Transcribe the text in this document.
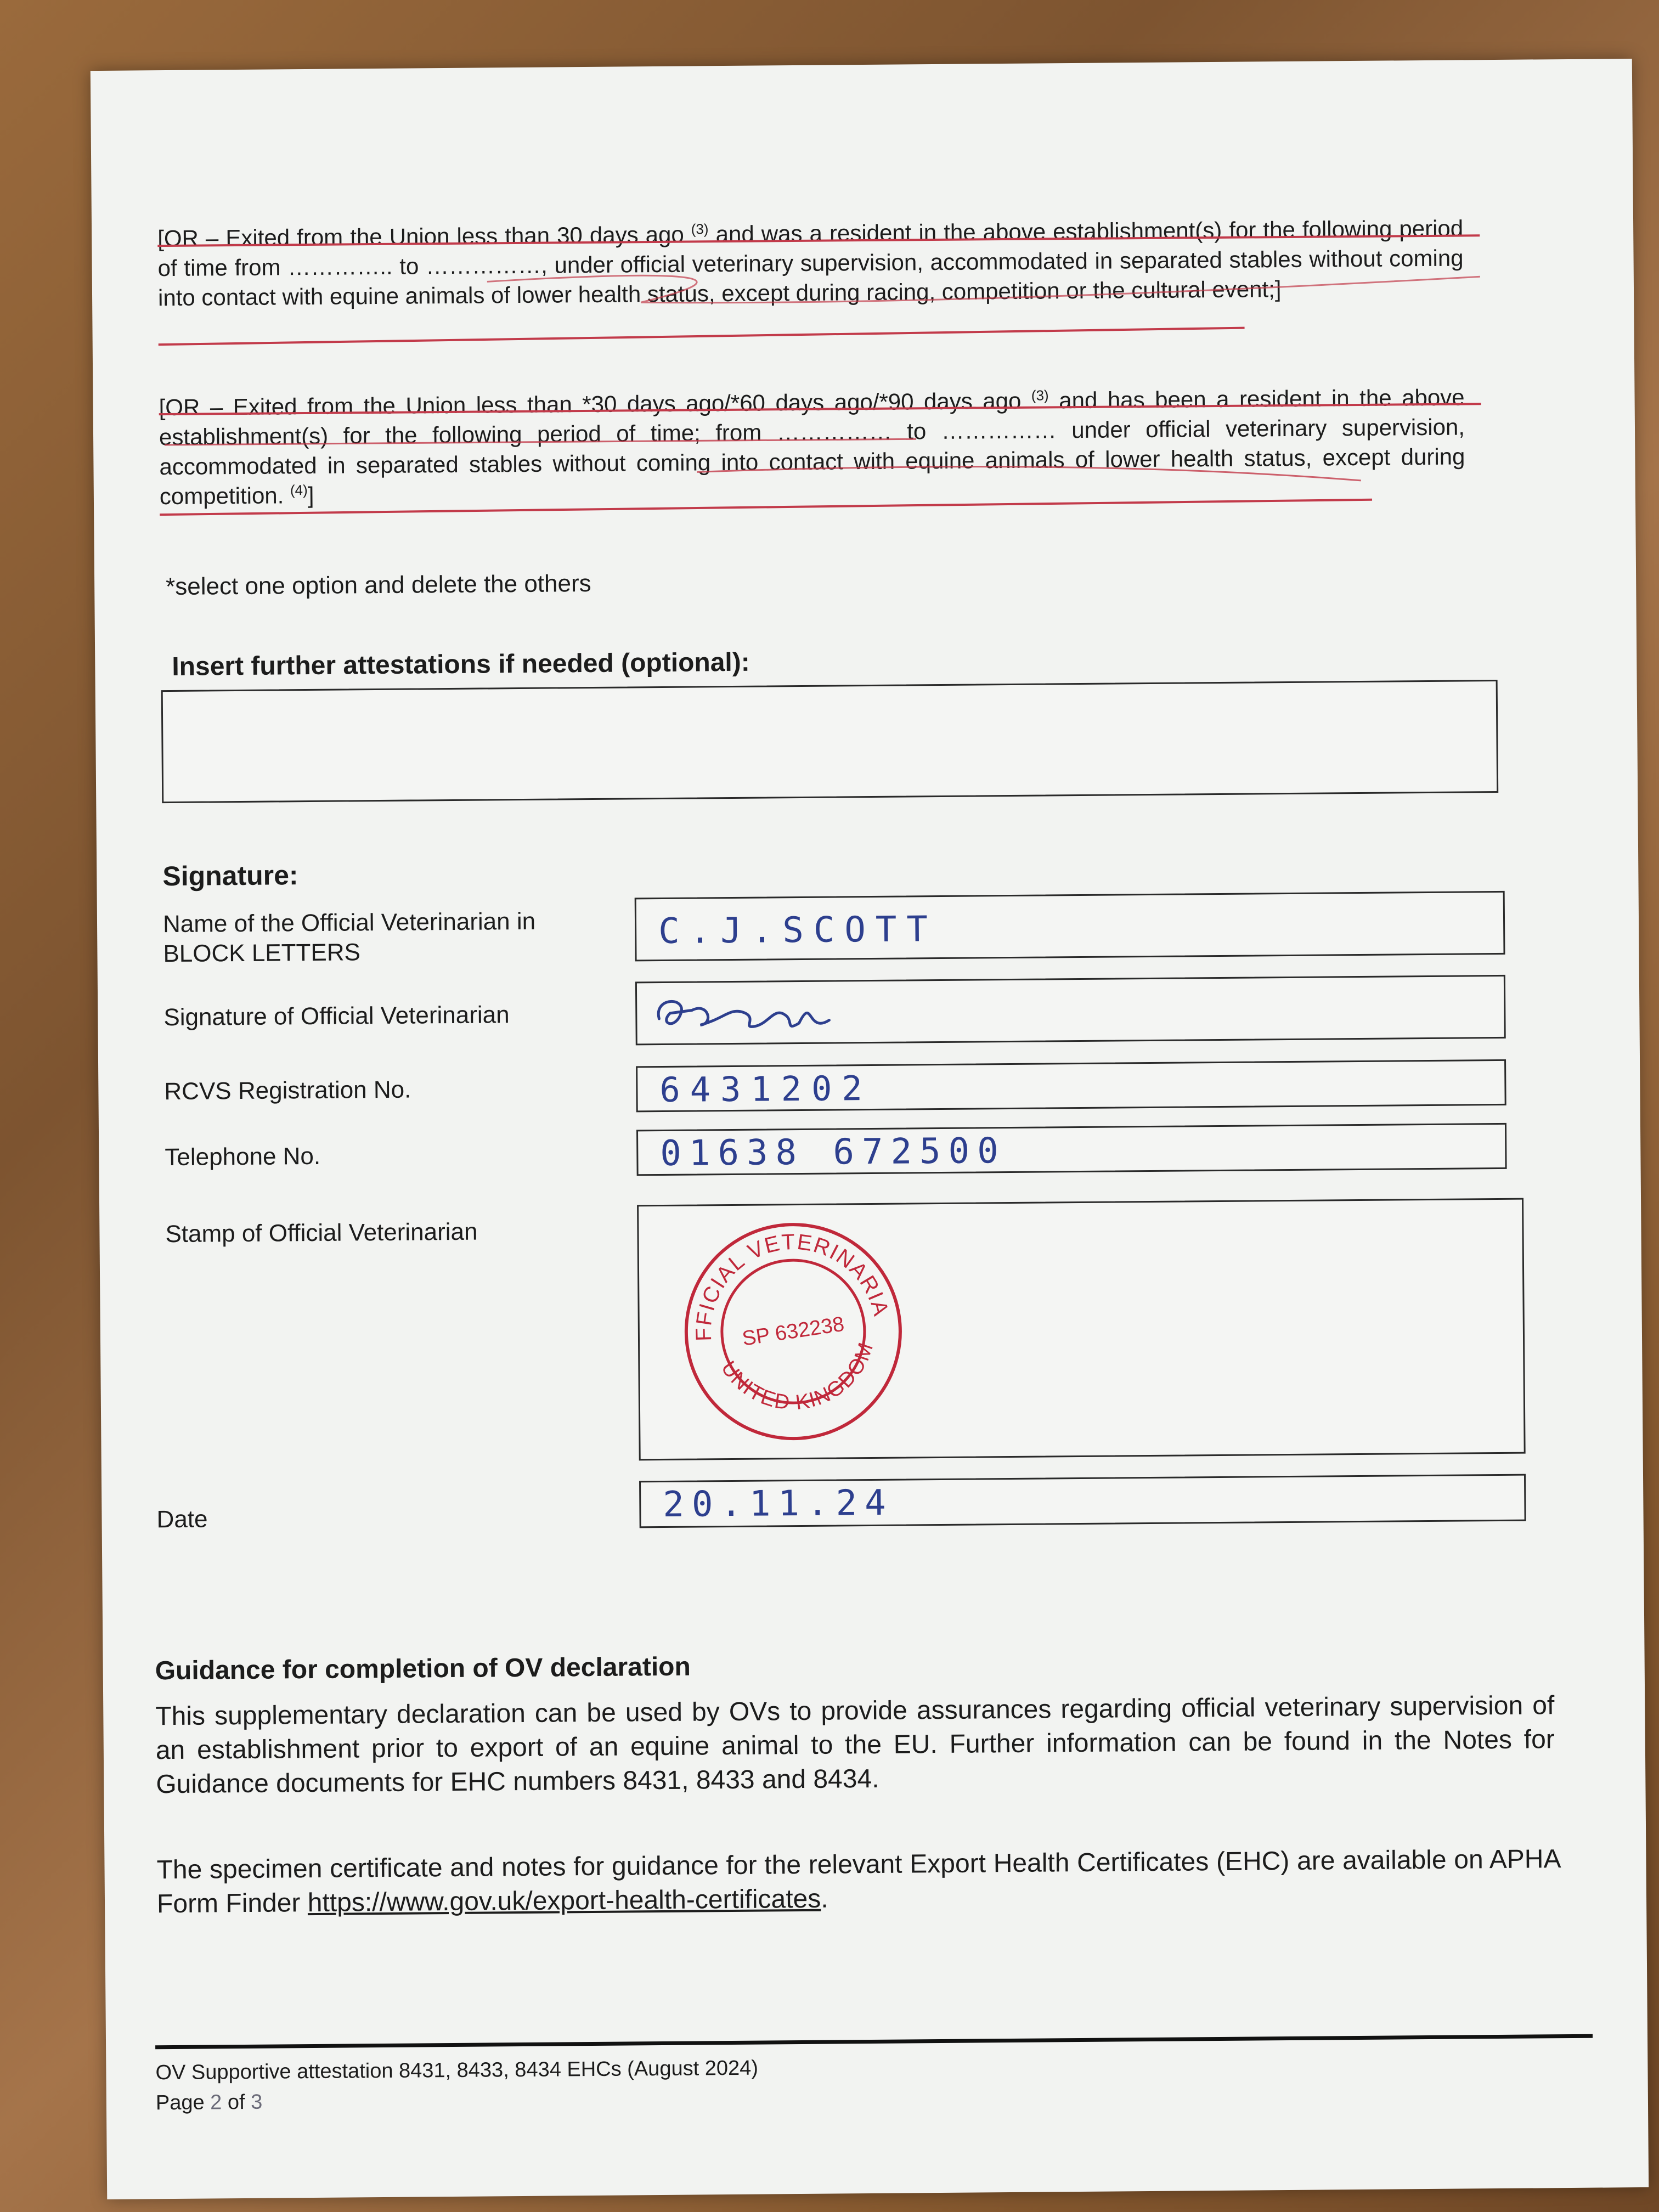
[OR – Exited from the Union less than 30 days ago $^{(3)}$ and was a resident in the above establishment(s) for the following period of time from ………….. to ……………, under official veterinary supervision, accommodated in separated stables without coming into contact with equine animals of lower health status, except during racing, competition or the cultural event;]

[OR – Exited from the Union less than *30 days ago/*60 days ago/*90 days ago $^{(3)}$ and has been a resident in the above establishment(s) for the following period of time; from …………… to …………… under official veterinary supervision, accommodated in separated stables without coming into contact with equine animals of lower health status, except during competition. $^{(4)}$]

*select one option and delete the others
Insert further attestations if needed (optional):
Signature:
Name of the Official Veterinarian in BLOCK LETTERS
C.J.SCOTT
Signature of Official Veterinarian
RCVS Registration No.	6431202
Telephone No.	01638 672500
Stamp of Official Veterinarian	OFFICIAL VETERINARIAN
UNITED KINGDOM
SP 632238
Date	20.11.24
Guidance for completion of OV declaration

This supplementary declaration can be used by OVs to provide assurances regarding official veterinary supervision of an establishment prior to export of an equine animal to the EU. Further information can be found in the Notes for Guidance documents for EHC numbers 8431, 8433 and 8434.

The specimen certificate and notes for guidance for the relevant Export Health Certificates (EHC) are available on APHA Form Finder https://www.gov.uk/export-health-certificates.

OV Supportive attestation 8431, 8433, 8434 EHCs (August 2024)
Page 2 of 3
